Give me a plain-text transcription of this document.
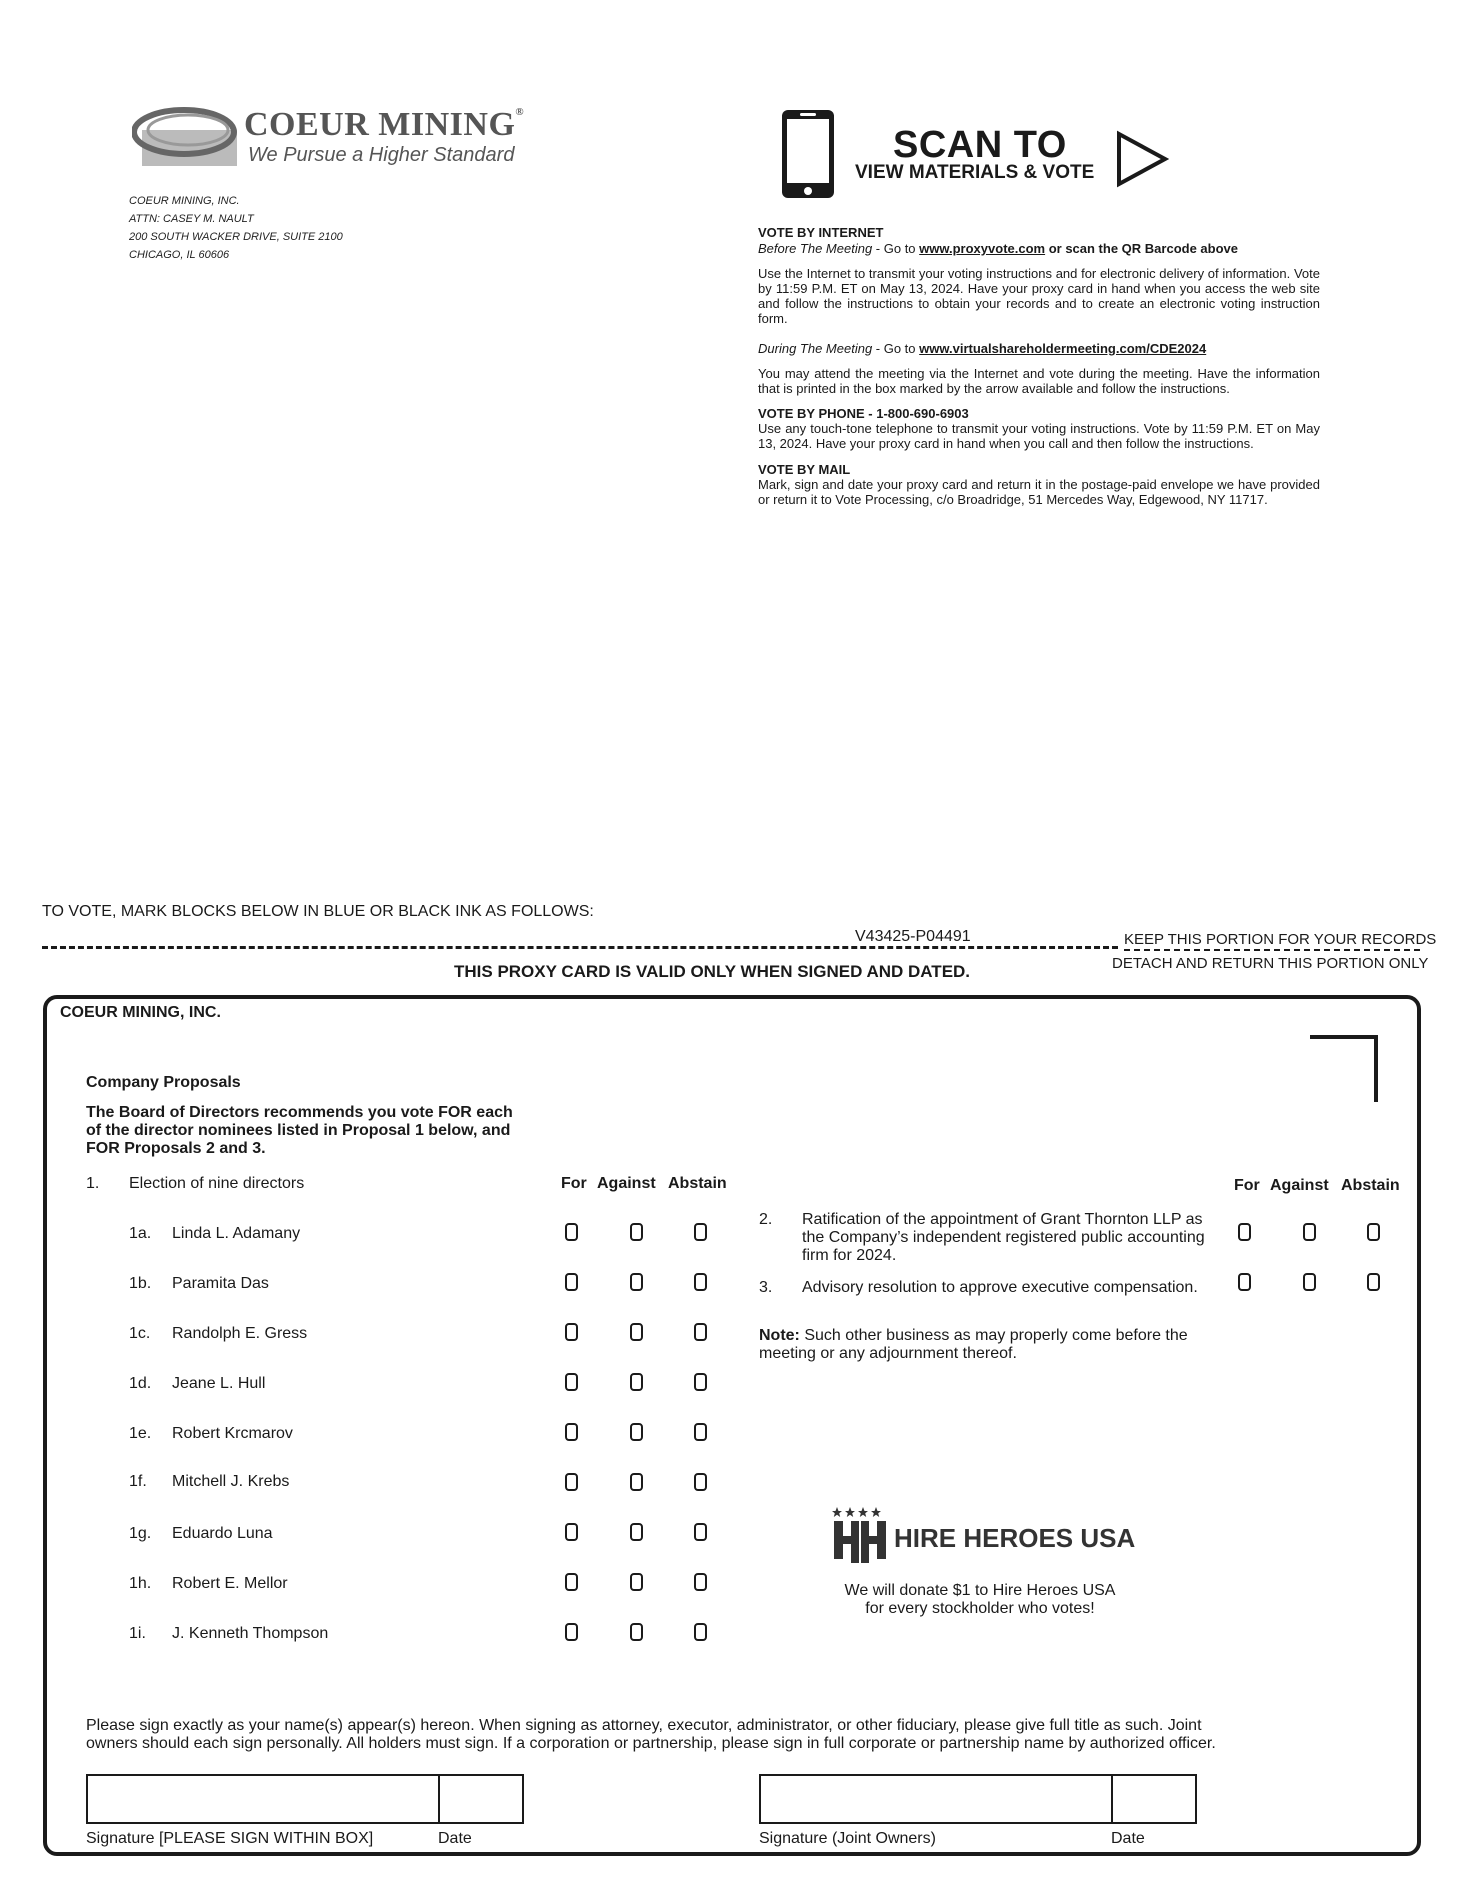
COEUR MINING®
We Pursue a Higher Standard
COEUR MINING, INC.
ATTN: CASEY M. NAULT
200 SOUTH WACKER DRIVE, SUITE 2100
CHICAGO, IL 60606
SCAN TO
VIEW MATERIALS & VOTE
VOTE BY INTERNET
Before The Meeting - Go to www.proxyvote.com or scan the QR Barcode above
Use the Internet to transmit your voting instructions and for electronic delivery of information. Vote by 11:59 P.M. ET on May 13, 2024. Have your proxy card in hand when you access the web site and follow the instructions to obtain your records and to create an electronic voting instruction form.
During The Meeting - Go to www.virtualshareholdermeeting.com/CDE2024
You may attend the meeting via the Internet and vote during the meeting. Have the information that is printed in the box marked by the arrow available and follow the instructions.
VOTE BY PHONE - 1-800-690-6903
Use any touch-tone telephone to transmit your voting instructions. Vote by 11:59 P.M. ET on May 13, 2024. Have your proxy card in hand when you call and then follow the instructions.
VOTE BY MAIL
Mark, sign and date your proxy card and return it in the postage-paid envelope we have provided or return it to Vote Processing, c/o Broadridge, 51 Mercedes Way, Edgewood, NY 11717.
TO VOTE, MARK BLOCKS BELOW IN BLUE OR BLACK INK AS FOLLOWS:
V43425-P04491	KEEP THIS PORTION FOR YOUR RECORDS
THIS PROXY CARD IS VALID ONLY WHEN SIGNED AND DATED.	DETACH AND RETURN THIS PORTION ONLY
COEUR MINING, INC.
Company Proposals
The Board of Directors recommends you vote FOR each
of the director nominees listed in Proposal 1 below, and
FOR Proposals 2 and 3.
1. Election of nine directors	For Against Abstain
1a. Linda L. Adamany
1b. Paramita Das
1c. Randolph E. Gress
1d. Jeane L. Hull
1e. Robert Krcmarov
1f. Mitchell J. Krebs
1g. Eduardo Luna
1h. Robert E. Mellor
1i. J. Kenneth Thompson
For Against Abstain
2. Ratification of the appointment of Grant Thornton LLP as
the Company’s independent registered public accounting
firm for 2024.
3. Advisory resolution to approve executive compensation.
Note: Such other business as may properly come before the
meeting or any adjournment thereof.
HIRE HEROES USA
We will donate $1 to Hire Heroes USA
for every stockholder who votes!
Please sign exactly as your name(s) appear(s) hereon. When signing as attorney, executor, administrator, or other fiduciary, please give full title as such. Joint
owners should each sign personally. All holders must sign. If a corporation or partnership, please sign in full corporate or partnership name by authorized officer.
Signature [PLEASE SIGN WITHIN BOX]	Date	Signature (Joint Owners)	Date
